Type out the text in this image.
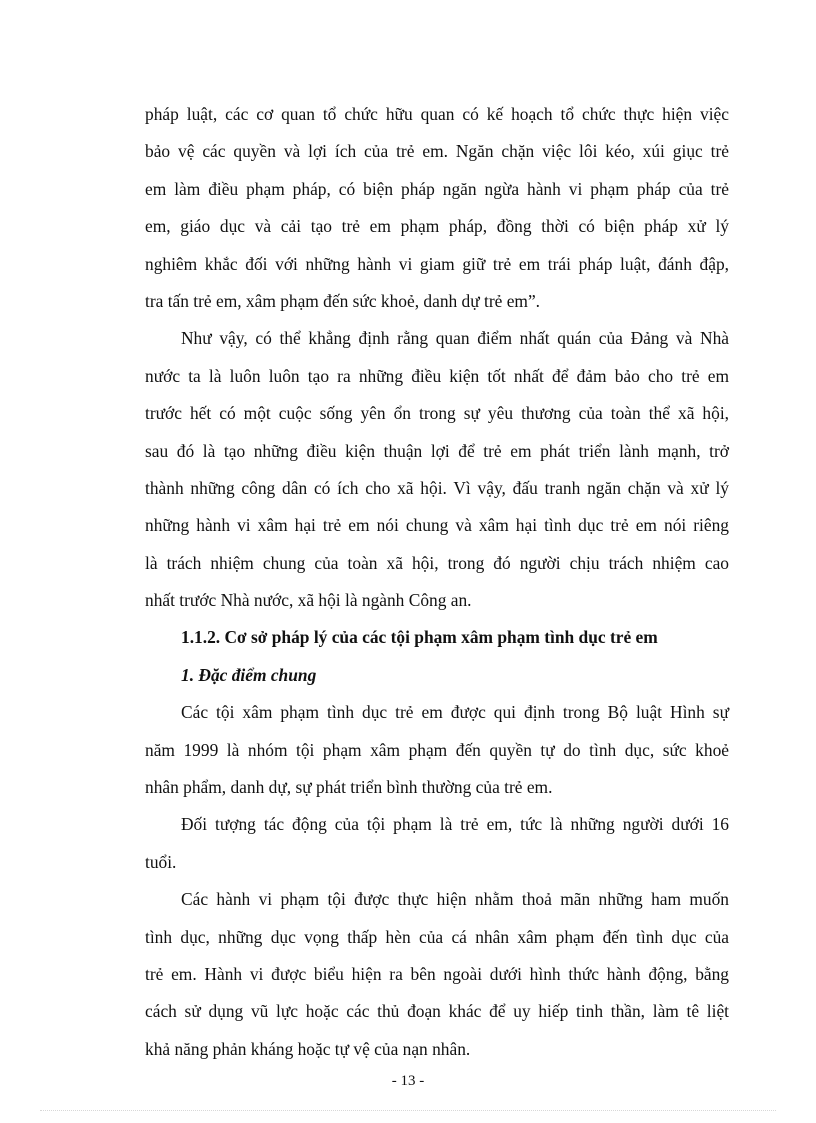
pháp luật, các cơ quan tổ chức hữu quan có kế hoạch tổ chức thực hiện việc
bảo vệ các quyền và lợi ích của trẻ em. Ngăn chặn việc lôi kéo, xúi giục trẻ
em làm điều phạm pháp, có biện pháp ngăn ngừa hành vi phạm pháp của trẻ
em, giáo dục và cải tạo trẻ em phạm pháp, đồng thời có biện pháp xử lý
nghiêm khắc đối với những hành vi giam giữ trẻ em trái pháp luật, đánh đập,
tra tấn trẻ em, xâm phạm đến sức khoẻ, danh dự trẻ em”.
Như vậy, có thể khẳng định rằng quan điểm nhất quán của Đảng và Nhà
nước ta là luôn luôn tạo ra những điều kiện tốt nhất để đảm bảo cho trẻ em
trước hết có một cuộc sống yên ổn trong sự yêu thương của toàn thể xã hội,
sau đó là tạo những điều kiện thuận lợi để trẻ em phát triển lành mạnh, trở
thành những công dân có ích cho xã hội. Vì vậy, đấu tranh ngăn chặn và xử lý
những hành vi xâm hại trẻ em nói chung và xâm hại tình dục trẻ em nói riêng
là trách nhiệm chung của toàn xã hội, trong đó người chịu trách nhiệm cao
nhất trước Nhà nước, xã hội là ngành Công an.
1.1.2. Cơ sở pháp lý của các tội phạm xâm phạm tình dục trẻ em
1. Đặc điểm chung
Các tội xâm phạm tình dục trẻ em được qui định trong Bộ luật Hình sự
năm 1999 là nhóm tội phạm xâm phạm đến quyền tự do tình dục, sức khoẻ
nhân phẩm, danh dự, sự phát triển bình thường của trẻ em.
Đối tượng tác động của tội phạm là trẻ em, tức là những người dưới 16
tuổi.
Các hành vi phạm tội được thực hiện nhằm thoả mãn những ham muốn
tình dục, những dục vọng thấp hèn của cá nhân xâm phạm đến tình dục của
trẻ em. Hành vi được biểu hiện ra bên ngoài dưới hình thức hành động, bằng
cách sử dụng vũ lực hoặc các thủ đoạn khác để uy hiếp tinh thần, làm tê liệt
khả năng phản kháng hoặc tự vệ của nạn nhân.
- 13 -
